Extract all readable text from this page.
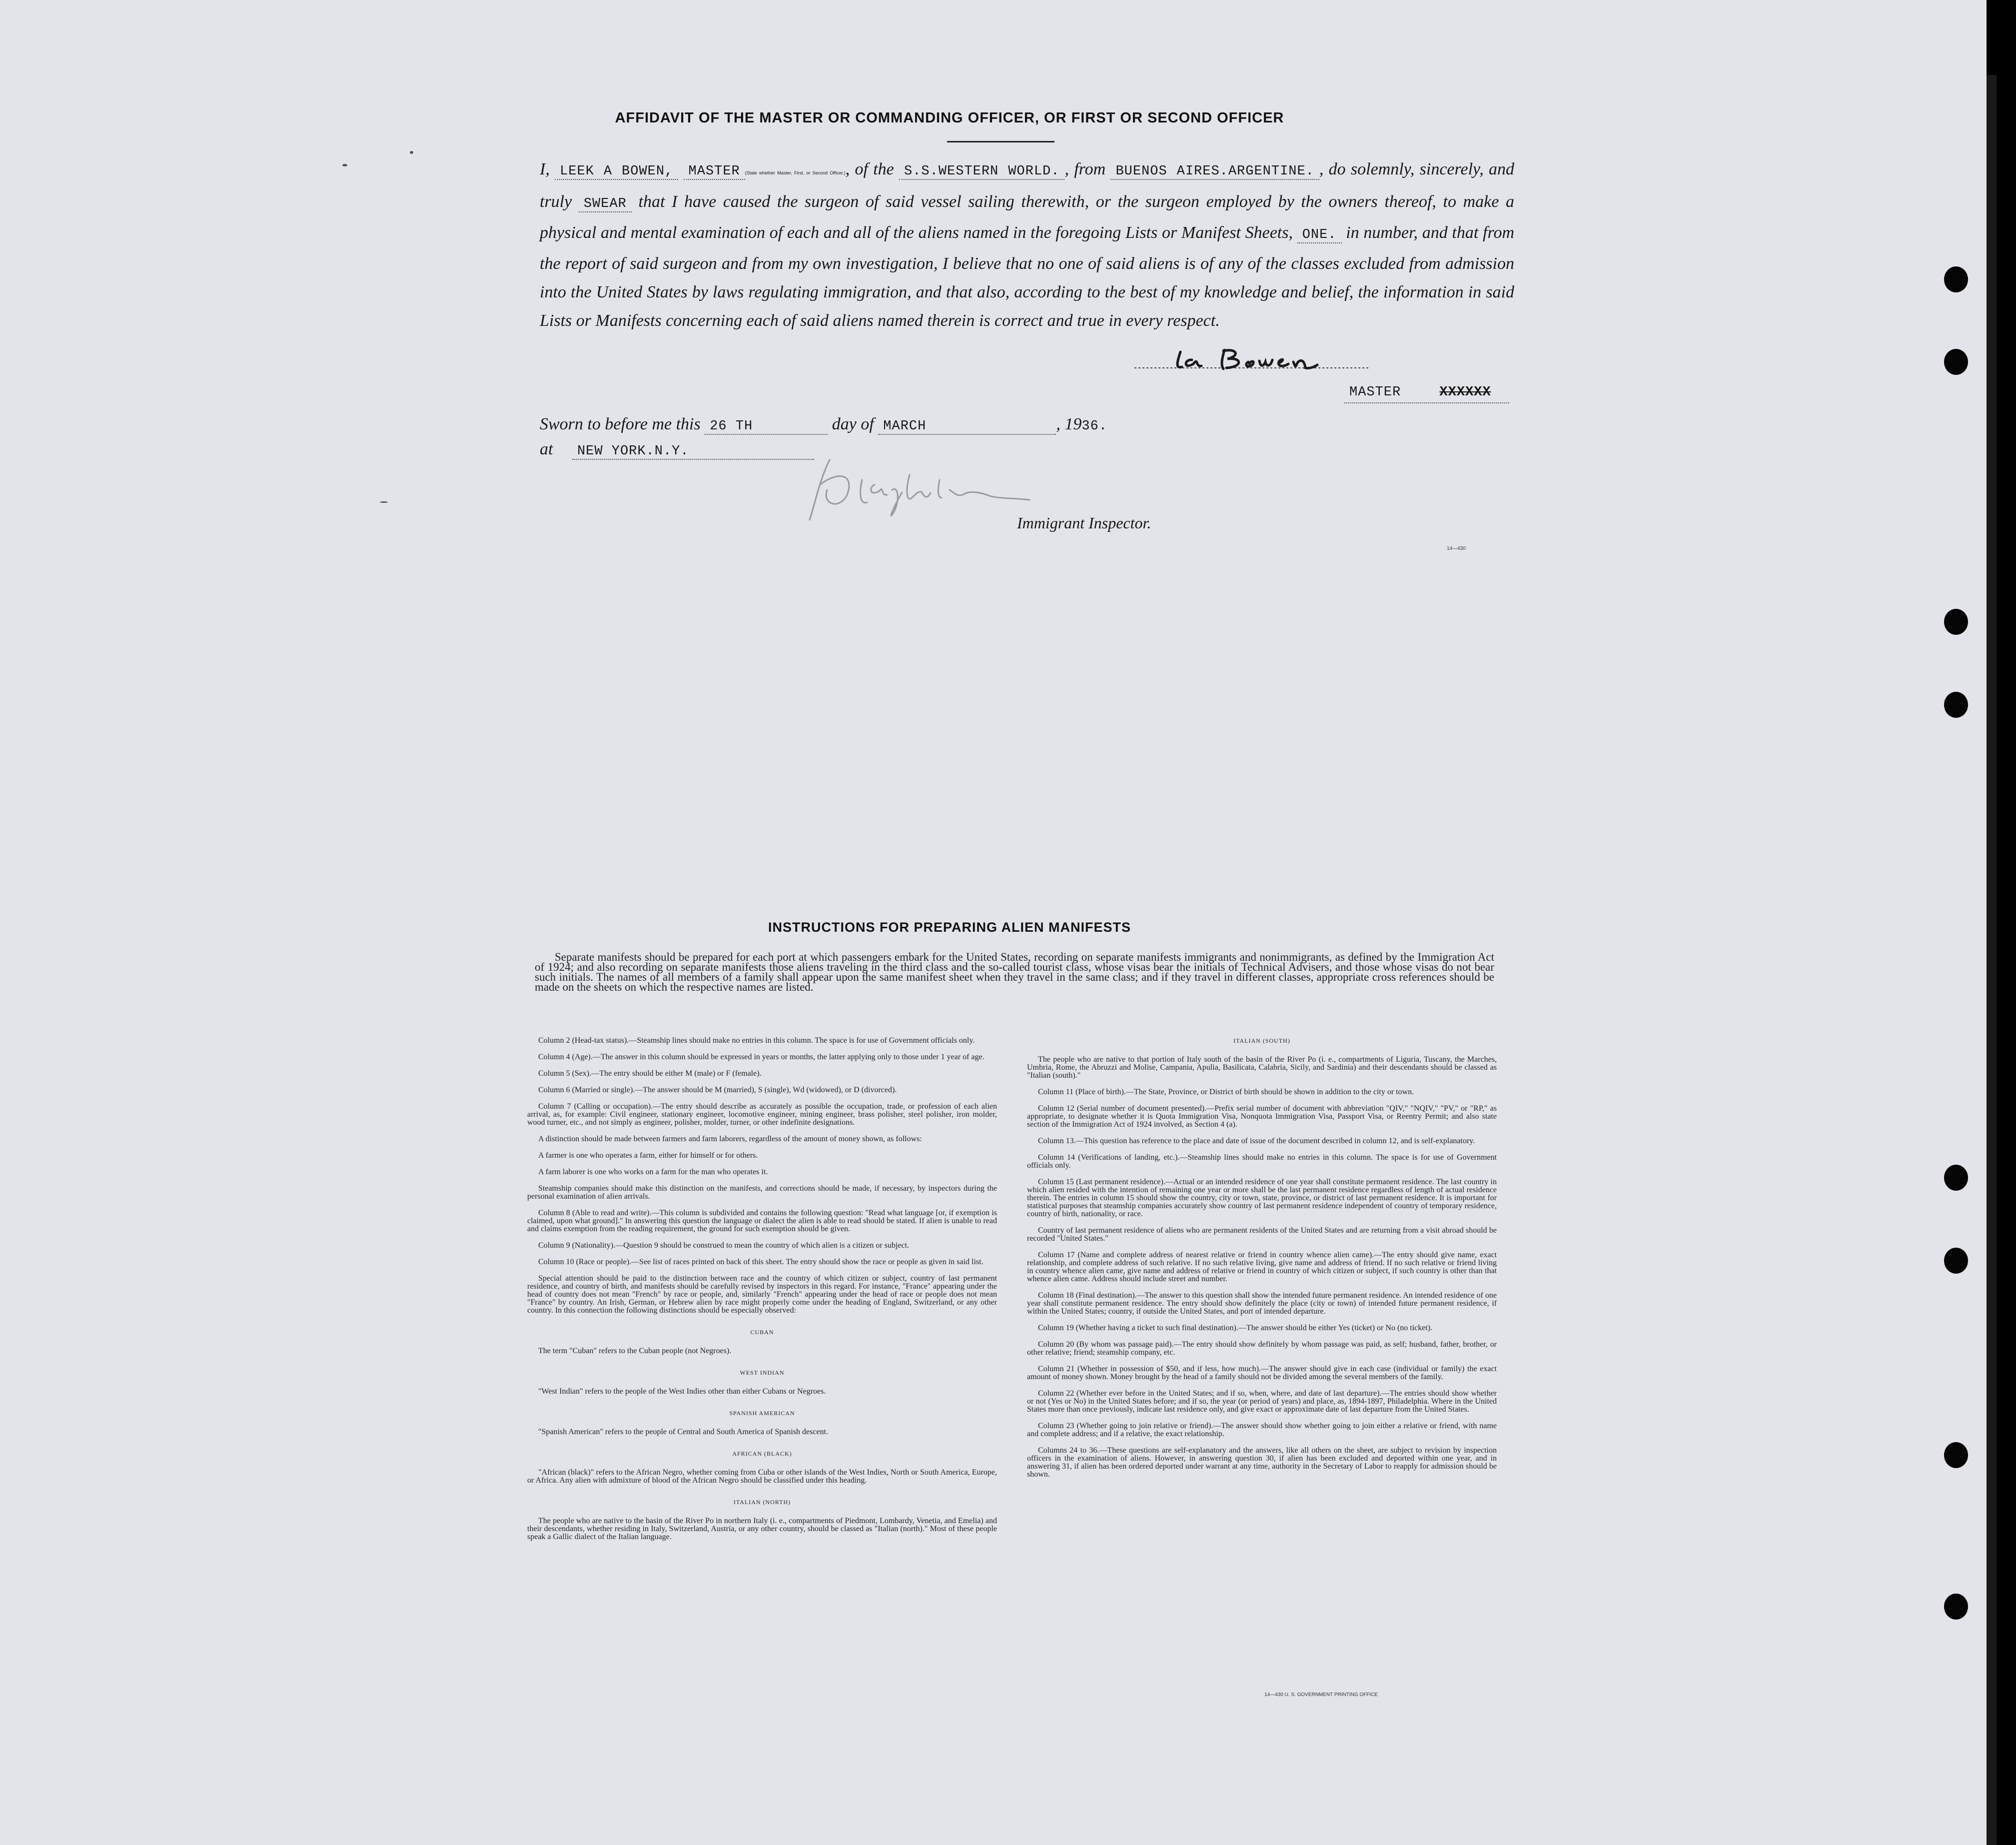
AFFIDAVIT OF THE MASTER OR COMMANDING OFFICER, OR FIRST OR SECOND OFFICER
I, LEEK A BOWEN, MASTER (State whether Master, First, or Second Officer.), of the S.S.WESTERN WORLD. , from BUENOS AIRES.ARGENTINE. , do solemnly, sincerely, and truly SWEAR that I have caused the surgeon of said vessel sailing therewith, or the surgeon employed by the owners thereof, to make a physical and mental examination of each and all of the aliens named in the foregoing Lists or Manifest Sheets, ONE. in number, and that from the report of said surgeon and from my own investigation, I believe that no one of said aliens is of any of the classes excluded from admission into the United States by laws regulating immigration, and that also, according to the best of my knowledge and belief, the information in said Lists or Manifests concerning each of said aliens named therein is correct and true in every respect.
MASTER	XXXXXX
Sworn to before me this 26 TH	day of MARCH	, 1936.
at NEW YORK.N.Y.
Immigrant Inspector.
14—430
INSTRUCTIONS FOR PREPARING ALIEN MANIFESTS
Separate manifests should be prepared for each port at which passengers embark for the United States, recording on separate manifests immigrants and nonimmigrants, as defined by the Immigration Act of 1924; and also recording on separate manifests those aliens traveling in the third class and the so-called tourist class, whose visas bear the initials of Technical Advisers, and those whose visas do not bear such initials. The names of all members of a family shall appear upon the same manifest sheet when they travel in the same class; and if they travel in different classes, appropriate cross references should be made on the sheets on which the respective names are listed.

Column 2 (Head-tax status).—Steamship lines should make no entries in this column. The space is for use of Government officials only.

Column 4 (Age).—The answer in this column should be expressed in years or months, the latter applying only to those under 1 year of age.

Column 5 (Sex).—The entry should be either M (male) or F (female).

Column 6 (Married or single).—The answer should be M (married), S (single), Wd (widowed), or D (divorced).

Column 7 (Calling or occupation).—The entry should describe as accurately as possible the occupation, trade, or profession of each alien arrival, as, for example: Civil engineer, stationary engineer, locomotive engineer, mining engineer, brass polisher, steel polisher, iron molder, wood turner, etc., and not simply as engineer, polisher, molder, turner, or other indefinite designations.

A distinction should be made between farmers and farm laborers, regardless of the amount of money shown, as follows:

A farmer is one who operates a farm, either for himself or for others.

A farm laborer is one who works on a farm for the man who operates it.

Steamship companies should make this distinction on the manifests, and corrections should be made, if necessary, by inspectors during the personal examination of alien arrivals.

Column 8 (Able to read and write).—This column is subdivided and contains the following question: "Read what language [or, if exemption is claimed, upon what ground]." In answering this question the language or dialect the alien is able to read should be stated. If alien is unable to read and claims exemption from the reading requirement, the ground for such exemption should be given.

Column 9 (Nationality).—Question 9 should be construed to mean the country of which alien is a citizen or subject.

Column 10 (Race or people).—See list of races printed on back of this sheet. The entry should show the race or people as given in said list.

Special attention should be paid to the distinction between race and the country of which citizen or subject, country of last permanent residence, and country of birth, and manifests should be carefully revised by inspectors in this regard. For instance, "France" appearing under the head of country does not mean "French" by race or people, and, similarly "French" appearing under the head of race or people does not mean "France" by country. An Irish, German, or Hebrew alien by race might properly come under the heading of England, Switzerland, or any other country. In this connection the following distinctions should be especially observed:

CUBAN

The term "Cuban" refers to the Cuban people (not Negroes).

WEST INDIAN

"West Indian" refers to the people of the West Indies other than either Cubans or Negroes.

SPANISH AMERICAN

"Spanish American" refers to the people of Central and South America of Spanish descent.

AFRICAN (BLACK)

"African (black)" refers to the African Negro, whether coming from Cuba or other islands of the West Indies, North or South America, Europe, or Africa. Any alien with admixture of blood of the African Negro should be classified under this heading.

ITALIAN (NORTH)

The people who are native to the basin of the River Po in northern Italy (i. e., compartments of Piedmont, Lombardy, Venetia, and Emelia) and their descendants, whether residing in Italy, Switzerland, Austria, or any other country, should be classed as "Italian (north)." Most of these people speak a Gallic dialect of the Italian language.

ITALIAN (SOUTH)

The people who are native to that portion of Italy south of the basin of the River Po (i. e., compartments of Liguria, Tuscany, the Marches, Umbria, Rome, the Abruzzi and Molise, Campania, Apulia, Basilicata, Calabria, Sicily, and Sardinia) and their descendants should be classed as "Italian (south)."

Column 11 (Place of birth).—The State, Province, or District of birth should be shown in addition to the city or town.

Column 12 (Serial number of document presented).—Prefix serial number of document with abbreviation "QIV," "NQIV," "PV," or "RP," as appropriate, to designate whether it is Quota Immigration Visa, Nonquota Immigration Visa, Passport Visa, or Reentry Permit; and also state section of the Immigration Act of 1924 involved, as Section 4 (a).

Column 13.—This question has reference to the place and date of issue of the document described in column 12, and is self-explanatory.

Column 14 (Verifications of landing, etc.).—Steamship lines should make no entries in this column. The space is for use of Government officials only.

Column 15 (Last permanent residence).—Actual or an intended residence of one year shall constitute permanent residence. The last country in which alien resided with the intention of remaining one year or more shall be the last permanent residence regardless of length of actual residence therein. The entries in column 15 should show the country, city or town, state, province, or district of last permanent residence. It is important for statistical purposes that steamship companies accurately show country of last permanent residence independent of country of temporary residence, country of birth, nationality, or race.

Country of last permanent residence of aliens who are permanent residents of the United States and are returning from a visit abroad should be recorded "United States."

Column 17 (Name and complete address of nearest relative or friend in country whence alien came).—The entry should give name, exact relationship, and complete address of such relative. If no such relative living, give name and address of friend. If no such relative or friend living in country whence alien came, give name and address of relative or friend in country of which citizen or subject, if such country is other than that whence alien came. Address should include street and number.

Column 18 (Final destination).—The answer to this question shall show the intended future permanent residence. An intended residence of one year shall constitute permanent residence. The entry should show definitely the place (city or town) of intended future permanent residence, if within the United States; country, if outside the United States, and port of intended departure.

Column 19 (Whether having a ticket to such final destination).—The answer should be either Yes (ticket) or No (no ticket).

Column 20 (By whom was passage paid).—The entry should show definitely by whom passage was paid, as self; husband, father, brother, or other relative; friend; steamship company, etc.

Column 21 (Whether in possession of $50, and if less, how much).—The answer should give in each case (individual or family) the exact amount of money shown. Money brought by the head of a family should not be divided among the several members of the family.

Column 22 (Whether ever before in the United States; and if so, when, where, and date of last departure).—The entries should show whether or not (Yes or No) in the United States before; and if so, the year (or period of years) and place, as, 1894-1897, Philadelphia. Where in the United States more than once previously, indicate last residence only, and give exact or approximate date of last departure from the United States.

Column 23 (Whether going to join relative or friend).—The answer should show whether going to join either a relative or friend, with name and complete address; and if a relative, the exact relationship.

Columns 24 to 36.—These questions are self-explanatory and the answers, like all others on the sheet, are subject to revision by inspection officers in the examination of aliens. However, in answering question 30, if alien has been excluded and deported within one year, and in answering 31, if alien has been ordered deported under warrant at any time, authority in the Secretary of Labor to reapply for admission should be shown.

14—430 U. S. GOVERNMENT PRINTING OFFICE
